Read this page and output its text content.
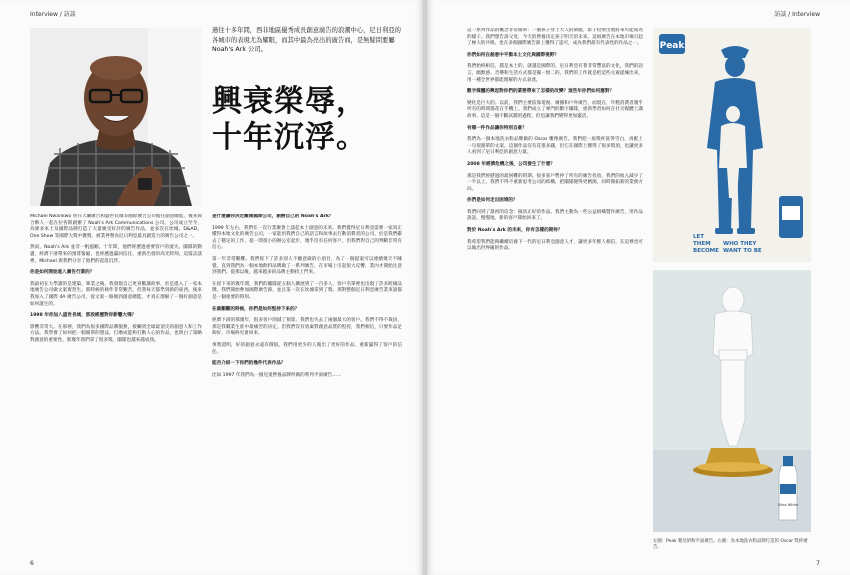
Interview / 訪談
過往十多年間，西非地區優秀成長創意廣告的浪潮中心，尼日利亞的各城市的表現尤為耀眼，而其中最為亮出的廣告商，是無疑問要屬 Noah's Ark 公司。
興衰榮辱，
十年沉浮。

Michael Nwankwo 曾在天聯廣告和盛世長城等國際廣告公司擔任創意總監，後來與合夥人一起在拉各斯創辦了 Noah's Ark Communications 公司。公司成立至今，為眾多本土及國際品牌打造了大量廣受好評的廣告作品，並多次在坎城、D&AD、One Show 等國際大獎中獲獎，被業界譽為尼日利亞最具創造力的廣告公司之一。

然而，Noah's Ark 並非一帆風順。十年間，他們經歷過重要客戶的流失、團隊的動盪、經濟下滑帶來的預算緊縮，也經歷過贏回信任、重新出發的高光時刻。這篇訪談裡，Michael 與我們分享了他們的起落沉浮。

你是如何開始進入廣告行業的？

我最初在大學讀的是建築。畢業之後，我發現自己更喜歡講故事，於是進入了一家本地廣告公司做文案實習生。那時候的條件非常艱苦，但我每天都學到新的東西。後來我加入了國際 4A 廣告公司，從文案一路做到創意總監，才真正理解了一個好創意是如何誕生的。

1998 年你加入盛世長城，那段經歷對你影響大嗎？

影響非常大。在那裡，我們為很多國際品牌服務，接觸到全球最頂尖的創意人和工作方法。我學會了如何把一個簡單的想法，打磨成能夠打動人心的作品，也明白了策略對創意的重要性。那幾年我們拿了很多獎，團隊也越來越成熟。

是什麼讓你決定離開國際公司，創辦自己的 Noah's Ark？

1999 年左右，我們在一次行業聚會上談起本土創意的未來。我們覺得尼日利亞需要一家真正懂得本地文化的廣告公司，一家能用我們自己的語言和故事去打動消費者的公司。於是我們辭去了穩定的工作，從一間很小的辦公室起步，幾乎沒有任何客戶，但我們對自己的判斷非常有信心。

第一年非常艱難。我們接下了許多別人不願意做的小項目，為了一個提案可以連續幾天不睡覺。直到我們為一個本地飲料品牌做了一系列廣告，在市場上引起很大反響，業內才開始注意到我們。從那以後，越來越多的品牌主動找上門來。

在接下來的幾年間，我們的團隊從五個人擴展到了一百多人，客戶名單裡也出現了許多跨國品牌。我們開始參加國際廣告節，並且第一次在坎城拿到了獎。那對整個尼日利亞廣告業來說都是一個重要的時刻。

在最艱難的時候，你們是如何堅持下來的？

經濟下滑的那幾年，很多客戶削減了預算，我們也失去了兩個最大的客戶。我們不得不裁員，那是我職業生涯中最痛苦的決定。但我們沒有放棄對創意品質的堅持，我們相信，只要作品足夠好，市場終究會回來。

事實證明，好的創意永遠有價值。我們用更少的人做出了更好的作品，重新贏得了客戶的信任。

能否介紹一下你們的幾件代表作品？

比如 1997 年我們為一個兒童營養品牌所做的系列平面廣告……

6
訪談 / Interview

這一系列作品的概念非常簡單：一個孩子穿上大人的制服，影子投射出他將來可能成為的樣子。我們想告訴父母，今天的營養決定孩子明天的未來。這組廣告在本地市場引起了極大的共鳴，也在多個國際廣告節上獲得了認可，成為我們最有代表性的作品之一。

你們如何在創意中平衡本土文化與國際視野？

我們始終相信，越是本土的，就越是國際的。尼日利亞有著非常豐富的文化，我們的語言、幽默感、音樂和生活方式都是獨一無二的。我們的工作就是把這些元素提煉出來，用一種全世界都能理解的方式表達。

數字媒體的興起對你們的業務帶來了怎樣的改變？這些年你們如何應對？

變化是巨大的。以前，我們主要依靠電視、廣播和戶外廣告，而現在，年輕消費者幾乎所有的時間都花在手機上。我們成立了專門的數字團隊，重新學習如何在社交媒體上講故事。這是一個不斷試錯的過程，但也讓我們變得更加靈活。

有哪一件作品讓你特別自豪？

我們為一個本地洗衣粉品牌做的 Oscar 雕像廣告。我們把一座獎杯洗得雪白，再配上一句很簡單的文案。這個作品沒有花很多錢，但它在國際上獲得了很多獎項，也讓更多人看到了尼日利亞的創意力量。

2008 年經濟危機之後，公司發生了什麼？

那是我們經歷過的最困難的時期。很多客戶暫停了所有的廣告投放，我們的收入減少了一半以上。我們不得不重新思考公司的結構，把團隊變得更精簡，同時開拓新的業務方向。

你們是如何走出困境的？

我們回到了最初的信念：做真正好的作品。我們主動為一些公益組織製作廣告，用作品說話，慢慢地，新的客戶開始回來了。

對於 Noah's Ark 的未來，你有怎樣的期待？

我希望我們能夠繼續培養下一代的尼日利亞創意人才，讓更多年輕人相信，在這裡也可以做出世界級的作品。

Peak
LET
THEM
BECOME
WHO THEY
WANT TO BE
Ultra White
左圖：Peak 嬰兒奶粉平面廣告。右圖：為本地洗衣粉品牌打造的 Oscar 獎杯廣告。
7
